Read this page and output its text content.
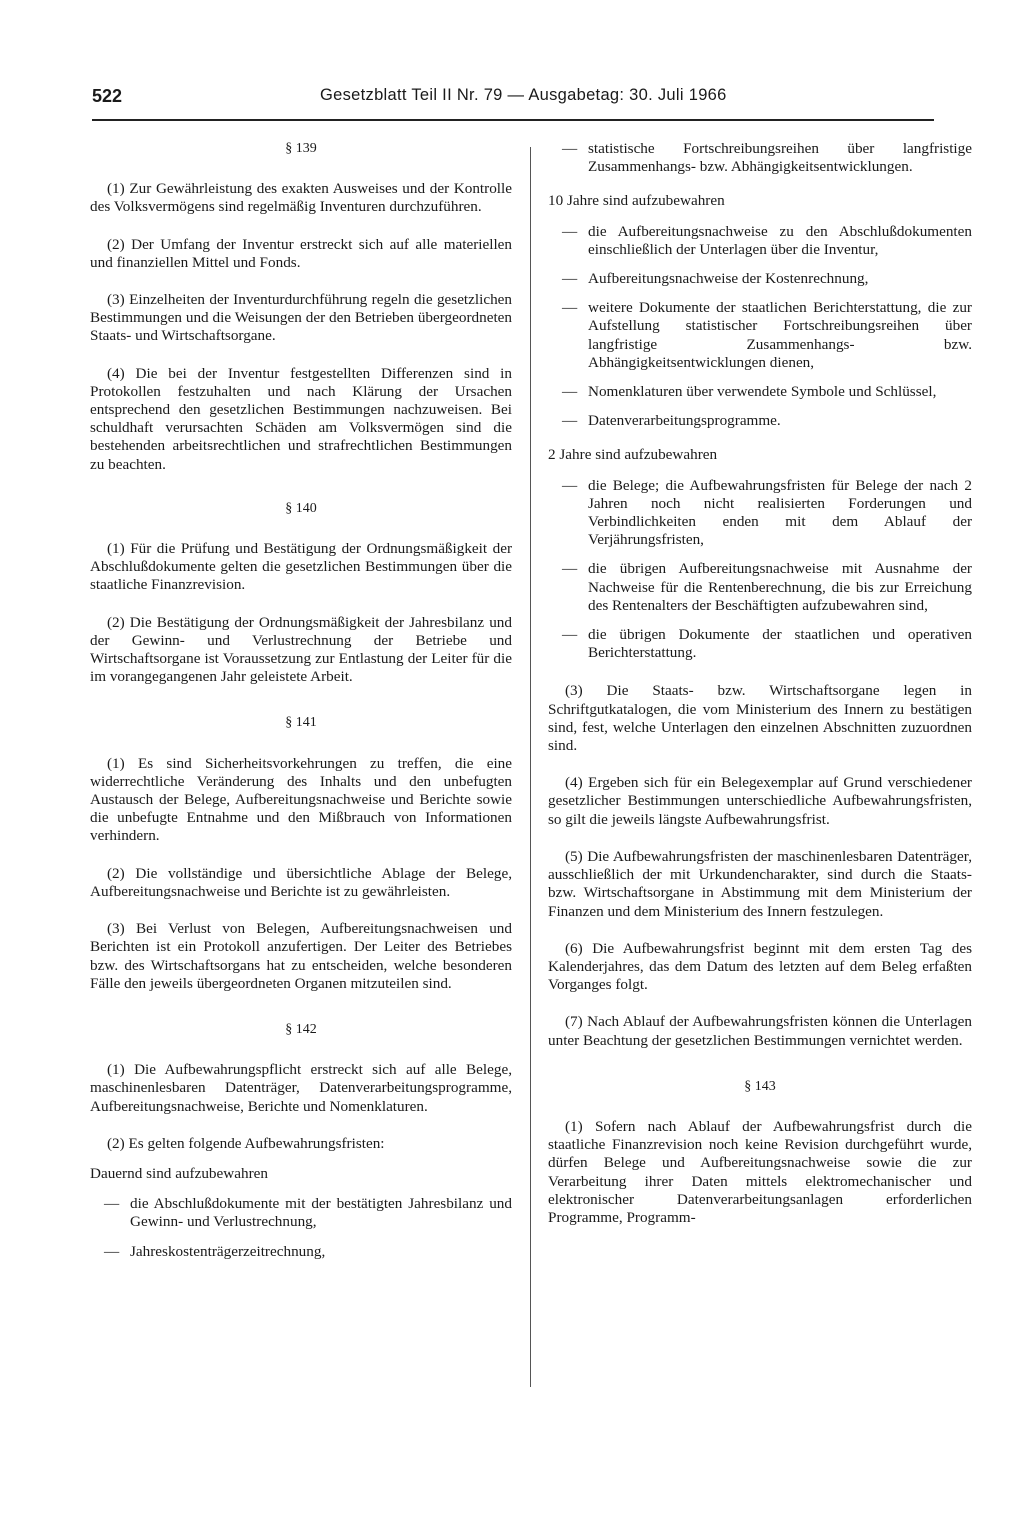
522	Gesetzblatt Teil II Nr. 79 — Ausgabetag: 30. Juli 1966
§ 139

(1) Zur Gewährleistung des exakten Ausweises und der Kontrolle des Volksvermögens sind regelmäßig Inventuren durchzuführen.

(2) Der Umfang der Inventur erstreckt sich auf alle materiellen und finanziellen Mittel und Fonds.

(3) Einzelheiten der Inventurdurchführung regeln die gesetzlichen Bestimmungen und die Weisungen der den Betrieben übergeordneten Staats- und Wirtschaftsorgane.

(4) Die bei der Inventur festgestellten Differenzen sind in Protokollen festzuhalten und nach Klärung der Ursachen entsprechend den gesetzlichen Bestimmungen nachzuweisen. Bei schuldhaft verursachten Schäden am Volksvermögen sind die bestehenden arbeitsrechtlichen und strafrechtlichen Bestimmungen zu beachten.

§ 140

(1) Für die Prüfung und Bestätigung der Ordnungsmäßigkeit der Abschlußdokumente gelten die gesetzlichen Bestimmungen über die staatliche Finanzrevision.

(2) Die Bestätigung der Ordnungsmäßigkeit der Jahresbilanz und der Gewinn- und Verlustrechnung der Betriebe und Wirtschaftsorgane ist Voraussetzung zur Entlastung der Leiter für die im vorangegangenen Jahr geleistete Arbeit.

§ 141

(1) Es sind Sicherheitsvorkehrungen zu treffen, die eine widerrechtliche Veränderung des Inhalts und den unbefugten Austausch der Belege, Aufbereitungsnachweise und Berichte sowie die unbefugte Entnahme und den Mißbrauch von Informationen verhindern.

(2) Die vollständige und übersichtliche Ablage der Belege, Aufbereitungsnachweise und Berichte ist zu gewährleisten.

(3) Bei Verlust von Belegen, Aufbereitungsnachweisen und Berichten ist ein Protokoll anzufertigen. Der Leiter des Betriebes bzw. des Wirtschaftsorgans hat zu entscheiden, welche besonderen Fälle den jeweils übergeordneten Organen mitzuteilen sind.

§ 142

(1) Die Aufbewahrungspflicht erstreckt sich auf alle Belege, maschinenlesbaren Datenträger, Datenverarbeitungsprogramme, Aufbereitungsnachweise, Berichte und Nomenklaturen.

(2) Es gelten folgende Aufbewahrungsfristen:

Dauernd sind aufzubewahren

— die Abschlußdokumente mit der bestätigten Jahresbilanz und Gewinn- und Verlustrechnung,
— Jahreskostenträgerzeitrechnung,
— statistische Fortschreibungsreihen über langfristige Zusammenhangs- bzw. Abhängigkeitsentwicklungen.

10 Jahre sind aufzubewahren

— die Aufbereitungsnachweise zu den Abschlußdokumenten einschließlich der Unterlagen über die Inventur,
— Aufbereitungsnachweise der Kostenrechnung,
— weitere Dokumente der staatlichen Berichterstattung, die zur Aufstellung statistischer Fortschreibungsreihen über langfristige Zusammenhangs- bzw. Abhängigkeitsentwicklungen dienen,
— Nomenklaturen über verwendete Symbole und Schlüssel,
— Datenverarbeitungsprogramme.

2 Jahre sind aufzubewahren

— die Belege; die Aufbewahrungsfristen für Belege der nach 2 Jahren noch nicht realisierten Forderungen und Verbindlichkeiten enden mit dem Ablauf der Verjährungsfristen,
— die übrigen Aufbereitungsnachweise mit Ausnahme der Nachweise für die Rentenberechnung, die bis zur Erreichung des Rentenalters der Beschäftigten aufzubewahren sind,
— die übrigen Dokumente der staatlichen und operativen Berichterstattung.

(3) Die Staats- bzw. Wirtschaftsorgane legen in Schriftgutkatalogen, die vom Ministerium des Innern zu bestätigen sind, fest, welche Unterlagen den einzelnen Abschnitten zuzuordnen sind.

(4) Ergeben sich für ein Belegexemplar auf Grund verschiedener gesetzlicher Bestimmungen unterschiedliche Aufbewahrungsfristen, so gilt die jeweils längste Aufbewahrungsfrist.

(5) Die Aufbewahrungsfristen der maschinenlesbaren Datenträger, ausschließlich der mit Urkundencharakter, sind durch die Staats- bzw. Wirtschaftsorgane in Abstimmung mit dem Ministerium der Finanzen und dem Ministerium des Innern festzulegen.

(6) Die Aufbewahrungsfrist beginnt mit dem ersten Tag des Kalenderjahres, das dem Datum des letzten auf dem Beleg erfaßten Vorganges folgt.

(7) Nach Ablauf der Aufbewahrungsfristen können die Unterlagen unter Beachtung der gesetzlichen Bestimmungen vernichtet werden.

§ 143

(1) Sofern nach Ablauf der Aufbewahrungsfrist durch die staatliche Finanzrevision noch keine Revision durchgeführt wurde, dürfen Belege und Aufbereitungsnachweise sowie die zur Verarbeitung ihrer Daten mittels elektromechanischer und elektronischer Datenverarbeitungsanlagen erforderlichen Programme, Programm-
